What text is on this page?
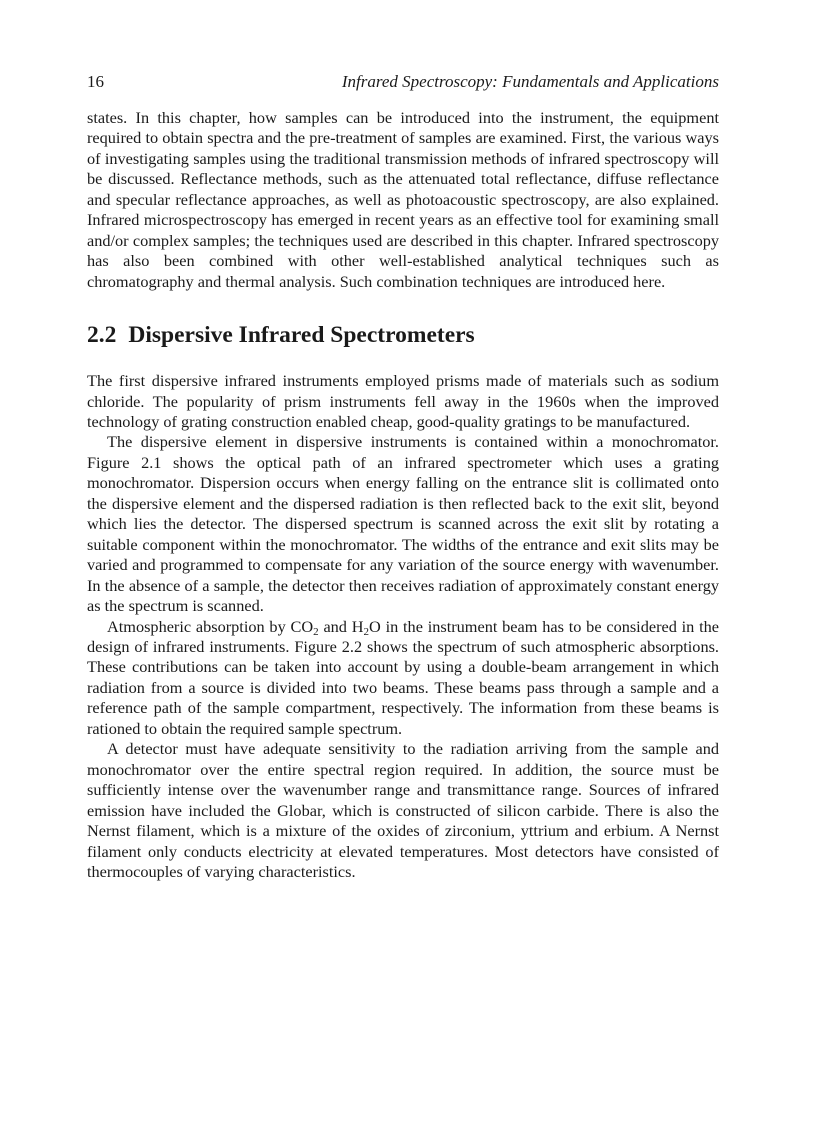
16	Infrared Spectroscopy: Fundamentals and Applications

states. In this chapter, how samples can be introduced into the instrument, the equipment required to obtain spectra and the pre-treatment of samples are examined. First, the various ways of investigating samples using the traditional transmission methods of infrared spectroscopy will be discussed. Reflectance methods, such as the attenuated total reflectance, diffuse reflectance and specular reflectance approaches, as well as photoacoustic spectroscopy, are also explained. Infrared microspectroscopy has emerged in recent years as an effective tool for examining small and/or complex samples; the techniques used are described in this chapter. Infrared spectroscopy has also been combined with other well-established analytical techniques such as chromatography and thermal analysis. Such combination techniques are introduced here.

2.2 Dispersive Infrared Spectrometers

The first dispersive infrared instruments employed prisms made of materials such as sodium chloride. The popularity of prism instruments fell away in the 1960s when the improved technology of grating construction enabled cheap, good-quality gratings to be manufactured.

The dispersive element in dispersive instruments is contained within a monochromator. Figure 2.1 shows the optical path of an infrared spectrometer which uses a grating monochromator. Dispersion occurs when energy falling on the entrance slit is collimated onto the dispersive element and the dispersed radiation is then reflected back to the exit slit, beyond which lies the detector. The dispersed spectrum is scanned across the exit slit by rotating a suitable component within the monochromator. The widths of the entrance and exit slits may be varied and programmed to compensate for any variation of the source energy with wavenumber. In the absence of a sample, the detector then receives radiation of approximately constant energy as the spectrum is scanned.

Atmospheric absorption by $CO_2$ and $H_2O$ in the instrument beam has to be considered in the design of infrared instruments. Figure 2.2 shows the spectrum of such atmospheric absorptions. These contributions can be taken into account by using a double-beam arrangement in which radiation from a source is divided into two beams. These beams pass through a sample and a reference path of the sample compartment, respectively. The information from these beams is rationed to obtain the required sample spectrum.

A detector must have adequate sensitivity to the radiation arriving from the sample and monochromator over the entire spectral region required. In addition, the source must be sufficiently intense over the wavenumber range and transmittance range. Sources of infrared emission have included the Globar, which is constructed of silicon carbide. There is also the Nernst filament, which is a mixture of the oxides of zirconium, yttrium and erbium. A Nernst filament only conducts electricity at elevated temperatures. Most detectors have consisted of thermocouples of varying characteristics.
